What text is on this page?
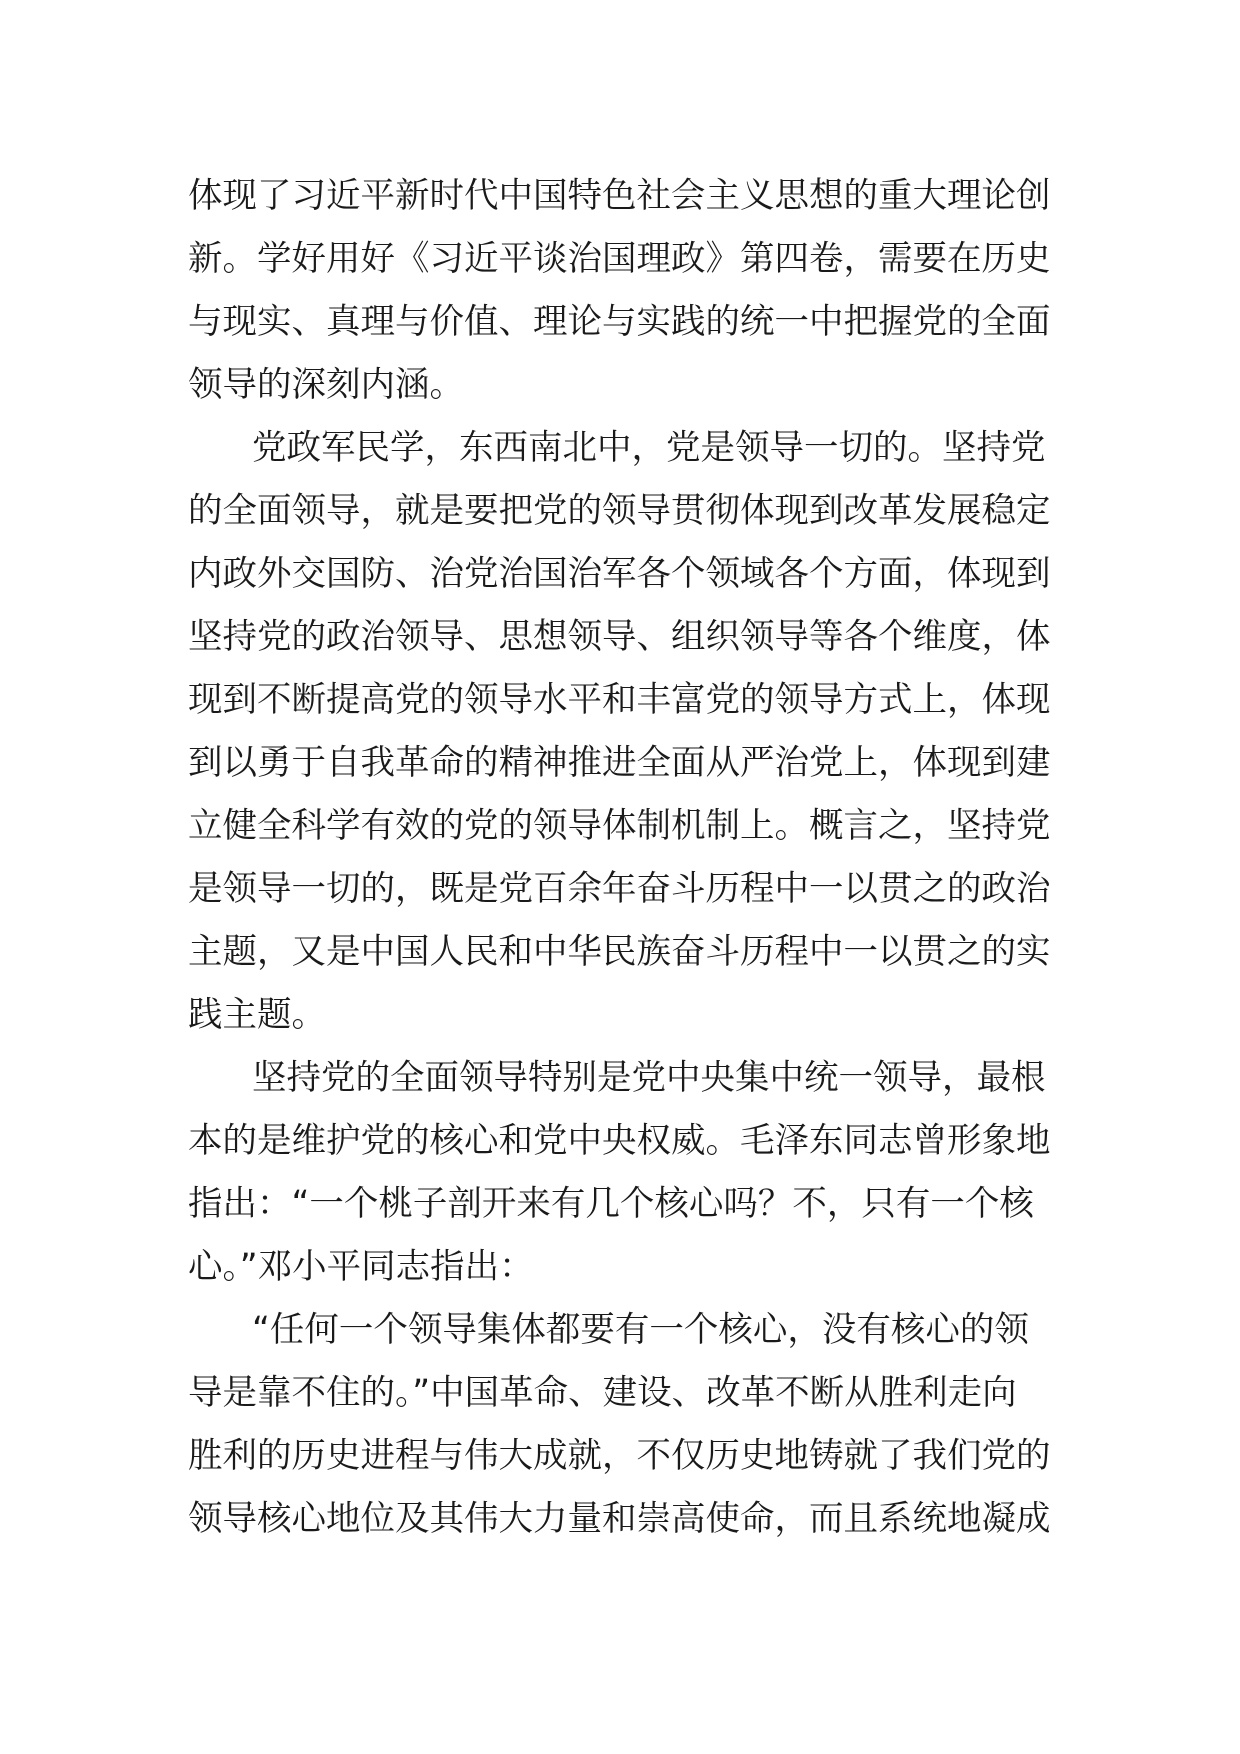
体现了习近平新时代中国特色社会主义思想的重大理论创
新。学好用好《习近平谈治国理政》第四卷，需要在历史
与现实、真理与价值、理论与实践的统一中把握党的全面
领导的深刻内涵。
党政军民学，东西南北中，党是领导一切的。坚持党
的全面领导，就是要把党的领导贯彻体现到改革发展稳定
内政外交国防、治党治国治军各个领域各个方面，体现到
坚持党的政治领导、思想领导、组织领导等各个维度，体
现到不断提高党的领导水平和丰富党的领导方式上，体现
到以勇于自我革命的精神推进全面从严治党上，体现到建
立健全科学有效的党的领导体制机制上。概言之，坚持党
是领导一切的，既是党百余年奋斗历程中一以贯之的政治
主题，又是中国人民和中华民族奋斗历程中一以贯之的实
践主题。
坚持党的全面领导特别是党中央集中统一领导，最根
本的是维护党的核心和党中央权威。毛泽东同志曾形象地
指出：“一个桃子剖开来有几个核心吗？不，只有一个核
心。”邓小平同志指出：
“任何一个领导集体都要有一个核心，没有核心的领
导是靠不住的。”中国革命、建设、改革不断从胜利走向
胜利的历史进程与伟大成就，不仅历史地铸就了我们党的
领导核心地位及其伟大力量和崇高使命，而且系统地凝成
